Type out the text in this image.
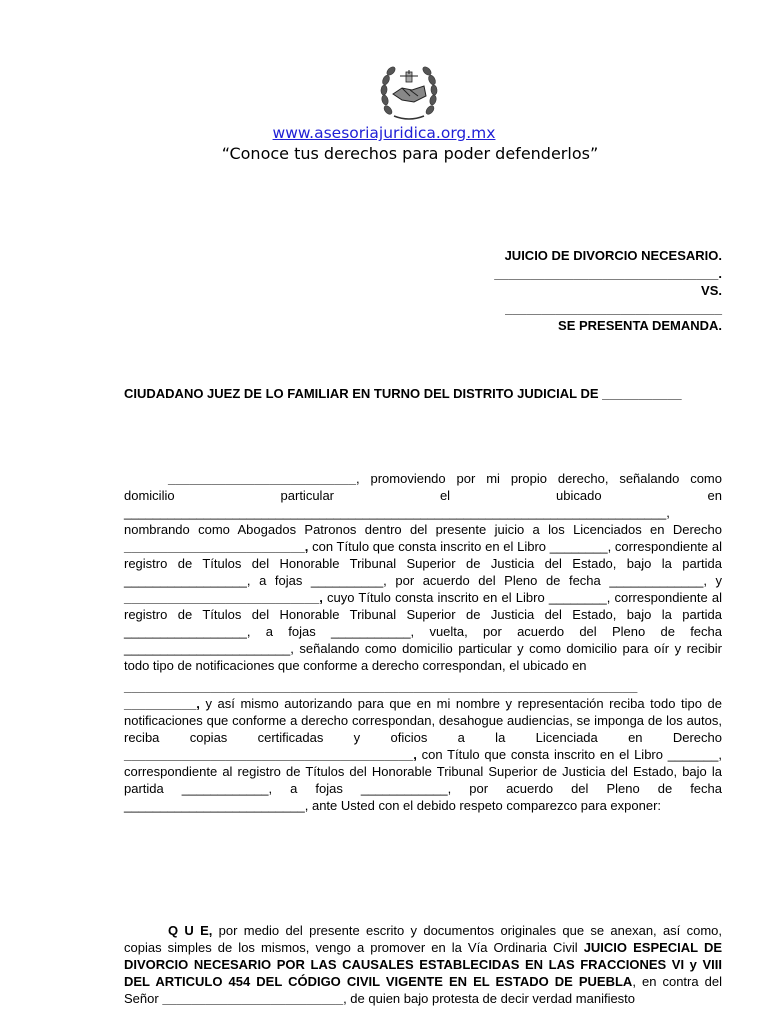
www.asesoriajuridica.org.mx
“Conoce tus derechos para poder defenderlos”
JUICIO DE DIVORCIO NECESARIO.
_______________________________.
VS.
______________________________
SE PRESENTA DEMANDA.
CIUDADANO JUEZ DE LO FAMILIAR EN TURNO DEL DISTRITO JUDICIAL DE ___________

__________________________, promoviendo por mi propio derecho, señalando como domicilio particular el ubicado en ___________________________________________________________________________, nombrando como Abogados Patronos dentro del presente juicio a los Licenciados en Derecho _________________________, con Título que consta inscrito en el Libro ________, correspondiente al registro de Títulos del Honorable Tribunal Superior de Justicia del Estado, bajo la partida _________________, a fojas __________, por acuerdo del Pleno de fecha _____________, y ___________________________, cuyo Título consta inscrito en el Libro ________, correspondiente al registro de Títulos del Honorable Tribunal Superior de Justicia del Estado, bajo la partida _________________, a fojas ___________, vuelta, por acuerdo del Pleno de fecha _______________________, señalando como domicilio particular y como domicilio para oír y recibir todo tipo de notificaciones que conforme a derecho correspondan, el ubicado en

_______________________________________________________________________

__________, y así mismo autorizando para que en mi nombre y representación reciba todo tipo de notificaciones que conforme a derecho correspondan, desahogue audiencias, se imponga de los autos, reciba copias certificadas y oficios a la Licenciada en Derecho ________________________________________, con Título que consta inscrito en el Libro _______, correspondiente al registro de Títulos del Honorable Tribunal Superior de Justicia del Estado, bajo la partida ____________, a fojas ____________, por acuerdo del Pleno de fecha _________________________, ante Usted con el debido respeto comparezco para exponer:

Q U E, por medio del presente escrito y documentos originales que se anexan, así como, copias simples de los mismos, vengo a promover en la Vía Ordinaria Civil JUICIO ESPECIAL DE DIVORCIO NECESARIO POR LAS CAUSALES ESTABLECIDAS EN LAS FRACCIONES VI y VIII DEL ARTICULO 454 DEL CÓDIGO CIVIL VIGENTE EN EL ESTADO DE PUEBLA, en contra del Señor _________________________, de quien bajo protesta de decir verdad manifiesto
